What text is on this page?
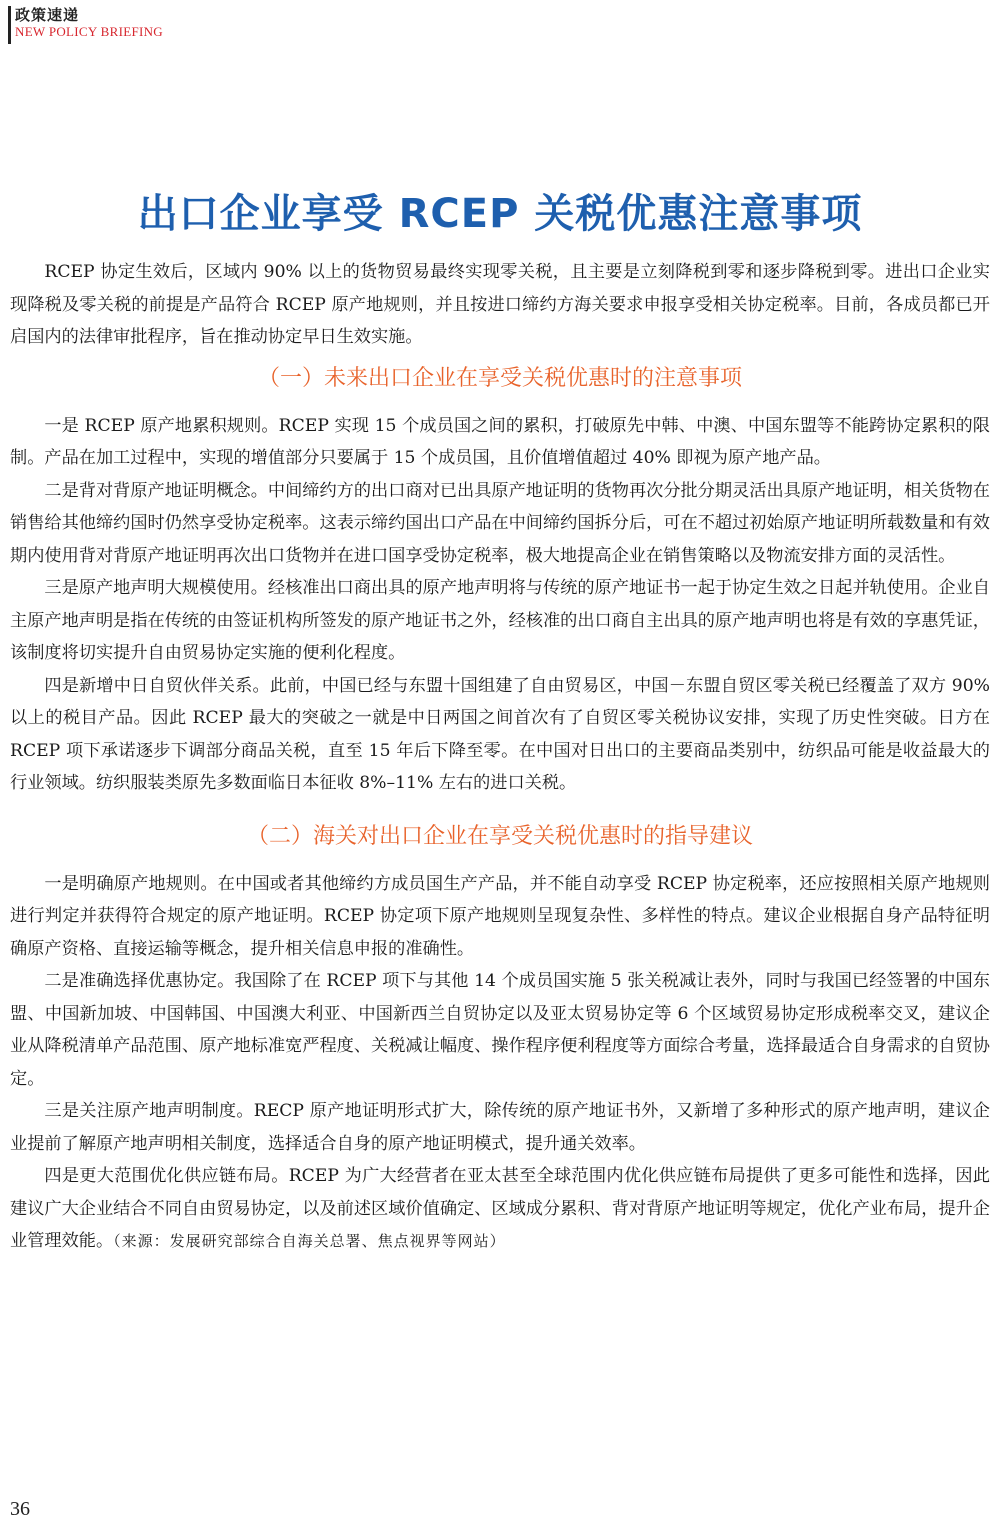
政策速递
NEW POLICY BRIEFING
出口企业享受 RCEP 关税优惠注意事项

RCEP 协定生效后，区域内 90% 以上的货物贸易最终实现零关税，且主要是立刻降税到零和逐步降税到零。进出口企业实现降税及零关税的前提是产品符合 RCEP 原产地规则，并且按进口缔约方海关要求申报享受相关协定税率。目前，各成员都已开启国内的法律审批程序，旨在推动协定早日生效实施。

（一）未来出口企业在享受关税优惠时的注意事项

一是 RCEP 原产地累积规则。RCEP 实现 15 个成员国之间的累积，打破原先中韩、中澳、中国东盟等不能跨协定累积的限制。产品在加工过程中，实现的增值部分只要属于 15 个成员国，且价值增值超过 40% 即视为原产地产品。

二是背对背原产地证明概念。中间缔约方的出口商对已出具原产地证明的货物再次分批分期灵活出具原产地证明，相关货物在销售给其他缔约国时仍然享受协定税率。这表示缔约国出口产品在中间缔约国拆分后，可在不超过初始原产地证明所载数量和有效期内使用背对背原产地证明再次出口货物并在进口国享受协定税率，极大地提高企业在销售策略以及物流安排方面的灵活性。

三是原产地声明大规模使用。经核准出口商出具的原产地声明将与传统的原产地证书一起于协定生效之日起并轨使用。企业自主原产地声明是指在传统的由签证机构所签发的原产地证书之外，经核准的出口商自主出具的原产地声明也将是有效的享惠凭证，该制度将切实提升自由贸易协定实施的便利化程度。

四是新增中日自贸伙伴关系。此前，中国已经与东盟十国组建了自由贸易区，中国－东盟自贸区零关税已经覆盖了双方 90% 以上的税目产品。因此 RCEP 最大的突破之一就是中日两国之间首次有了自贸区零关税协议安排，实现了历史性突破。日方在 RCEP 项下承诺逐步下调部分商品关税，直至 15 年后下降至零。在中国对日出口的主要商品类别中，纺织品可能是收益最大的行业领域。纺织服装类原先多数面临日本征收 8%–11% 左右的进口关税。

（二）海关对出口企业在享受关税优惠时的指导建议

一是明确原产地规则。在中国或者其他缔约方成员国生产产品，并不能自动享受 RCEP 协定税率，还应按照相关原产地规则进行判定并获得符合规定的原产地证明。RCEP 协定项下原产地规则呈现复杂性、多样性的特点。建议企业根据自身产品特征明确原产资格、直接运输等概念，提升相关信息申报的准确性。

二是准确选择优惠协定。我国除了在 RCEP 项下与其他 14 个成员国实施 5 张关税减让表外，同时与我国已经签署的中国东盟、中国新加坡、中国韩国、中国澳大利亚、中国新西兰自贸协定以及亚太贸易协定等 6 个区域贸易协定形成税率交叉，建议企业从降税清单产品范围、原产地标准宽严程度、关税减让幅度、操作程序便利程度等方面综合考量，选择最适合自身需求的自贸协定。

三是关注原产地声明制度。RECP 原产地证明形式扩大，除传统的原产地证书外，又新增了多种形式的原产地声明，建议企业提前了解原产地声明相关制度，选择适合自身的原产地证明模式，提升通关效率。

四是更大范围优化供应链布局。RCEP 为广大经营者在亚太甚至全球范围内优化供应链布局提供了更多可能性和选择，因此建议广大企业结合不同自由贸易协定，以及前述区域价值确定、区域成分累积、背对背原产地证明等规定，优化产业布局，提升企业管理效能。（来源：发展研究部综合自海关总署、焦点视界等网站）

36
